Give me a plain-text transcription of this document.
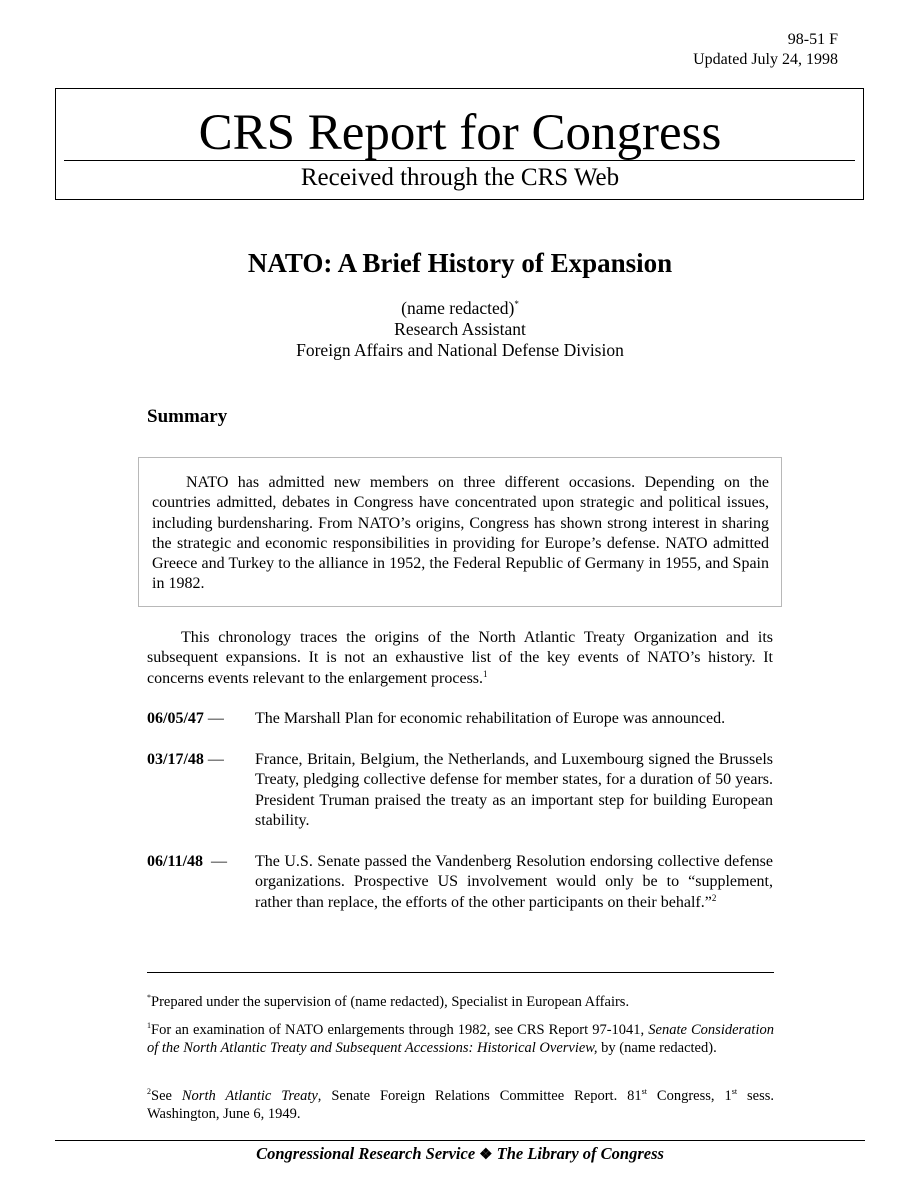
98-51 F
Updated July 24, 1998
CRS Report for Congress
Received through the CRS Web
NATO: A Brief History of Expansion
(name redacted)*
Research Assistant
Foreign Affairs and National Defense Division
Summary
NATO has admitted new members on three different occasions. Depending on the countries admitted, debates in Congress have concentrated upon strategic and political issues, including burdensharing. From NATO’s origins, Congress has shown strong interest in sharing the strategic and economic responsibilities in providing for Europe’s defense. NATO admitted Greece and Turkey to the alliance in 1952, the Federal Republic of Germany in 1955, and Spain in 1982.
This chronology traces the origins of the North Atlantic Treaty Organization and its subsequent expansions. It is not an exhaustive list of the key events of NATO’s history. It concerns events relevant to the enlargement process.$^1$
06/05/47 — The Marshall Plan for economic rehabilitation of Europe was announced.
03/17/48 — France, Britain, Belgium, the Netherlands, and Luxembourg signed the Brussels Treaty, pledging collective defense for member states, for a duration of 50 years. President Truman praised the treaty as an important step for building European stability.
06/11/48 — The U.S. Senate passed the Vandenberg Resolution endorsing collective defense organizations. Prospective US involvement would only be to “supplement, rather than replace, the efforts of the other participants on their behalf.”$^2$
*Prepared under the supervision of (name redacted), Specialist in European Affairs.
$^1$For an examination of NATO enlargements through 1982, see CRS Report 97-1041, Senate Consideration of the North Atlantic Treaty and Subsequent Accessions: Historical Overview, by (name redacted).
$^2$See North Atlantic Treaty, Senate Foreign Relations Committee Report. 81st Congress, 1st sess. Washington, June 6, 1949.
Congressional Research Service ❖ The Library of Congress
